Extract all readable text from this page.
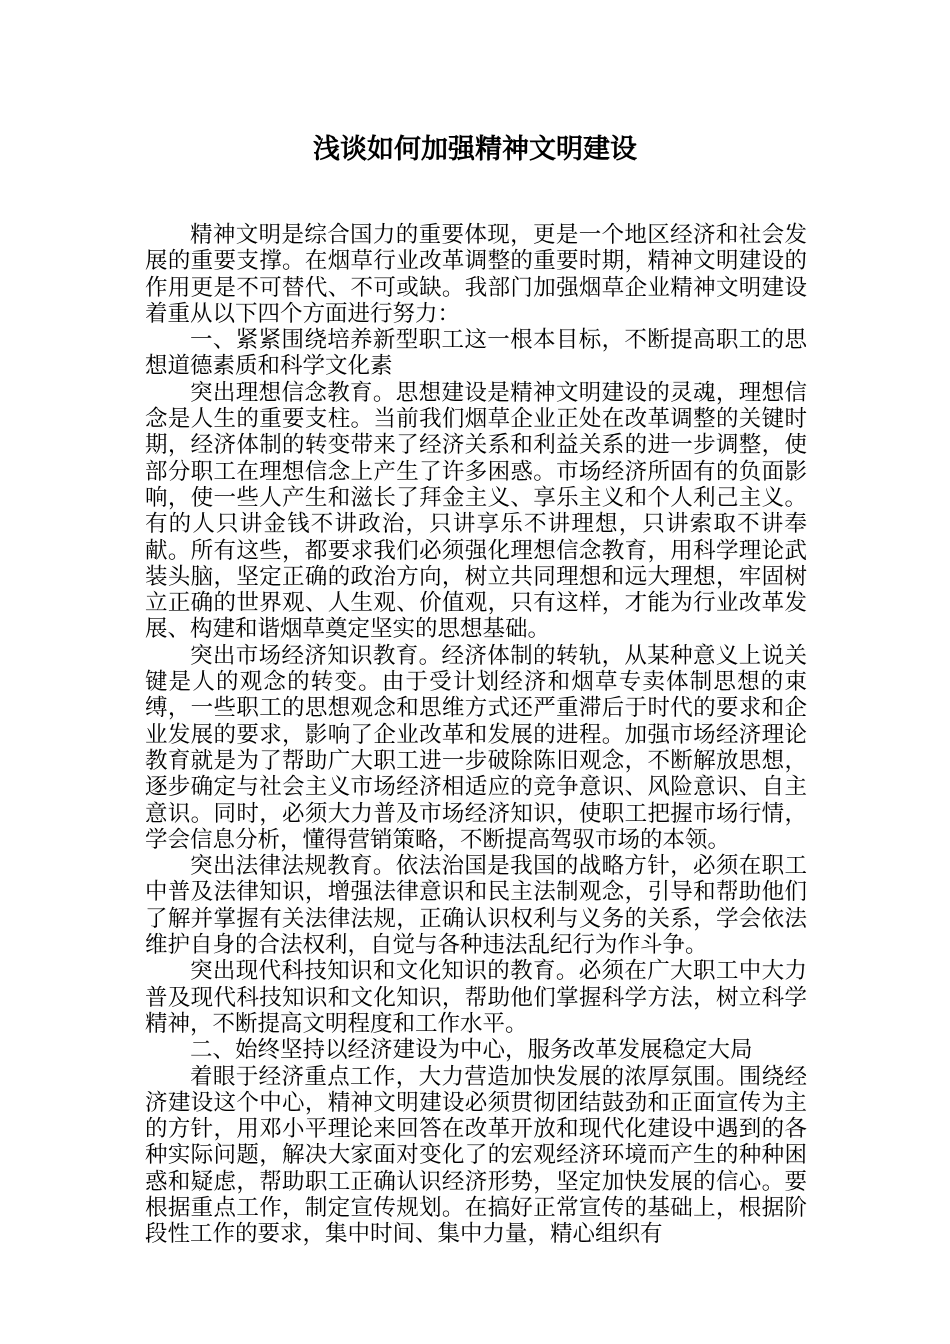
浅谈如何加强精神文明建设

精神文明是综合国力的重要体现，更是一个地区经济和社会发展的重要支撑。在烟草行业改革调整的重要时期，精神文明建设的作用更是不可替代、不可或缺。我部门加强烟草企业精神文明建设着重从以下四个方面进行努力：

一、紧紧围绕培养新型职工这一根本目标，不断提高职工的思想道德素质和科学文化素

突出理想信念教育。思想建设是精神文明建设的灵魂，理想信念是人生的重要支柱。当前我们烟草企业正处在改革调整的关键时期，经济体制的转变带来了经济关系和利益关系的进一步调整，使部分职工在理想信念上产生了许多困惑。市场经济所固有的负面影响，使一些人产生和滋长了拜金主义、享乐主义和个人利己主义。有的人只讲金钱不讲政治，只讲享乐不讲理想，只讲索取不讲奉献。所有这些，都要求我们必须强化理想信念教育，用科学理论武装头脑，坚定正确的政治方向，树立共同理想和远大理想，牢固树立正确的世界观、人生观、价值观，只有这样，才能为行业改革发展、构建和谐烟草奠定坚实的思想基础。

突出市场经济知识教育。经济体制的转轨，从某种意义上说关键是人的观念的转变。由于受计划经济和烟草专卖体制思想的束缚，一些职工的思想观念和思维方式还严重滞后于时代的要求和企业发展的要求，影响了企业改革和发展的进程。加强市场经济理论教育就是为了帮助广大职工进一步破除陈旧观念，不断解放思想，逐步确定与社会主义市场经济相适应的竞争意识、风险意识、自主意识。同时，必须大力普及市场经济知识，使职工把握市场行情，学会信息分析，懂得营销策略，不断提高驾驭市场的本领。

突出法律法规教育。依法治国是我国的战略方针，必须在职工中普及法律知识，增强法律意识和民主法制观念，引导和帮助他们了解并掌握有关法律法规，正确认识权利与义务的关系，学会依法维护自身的合法权利，自觉与各种违法乱纪行为作斗争。

突出现代科技知识和文化知识的教育。必须在广大职工中大力普及现代科技知识和文化知识，帮助他们掌握科学方法，树立科学精神，不断提高文明程度和工作水平。

二、始终坚持以经济建设为中心，服务改革发展稳定大局

着眼于经济重点工作，大力营造加快发展的浓厚氛围。围绕经济建设这个中心，精神文明建设必须贯彻团结鼓劲和正面宣传为主的方针，用邓小平理论来回答在改革开放和现代化建设中遇到的各种实际问题，解决大家面对变化了的宏观经济环境而产生的种种困惑和疑虑，帮助职工正确认识经济形势，坚定加快发展的信心。要根据重点工作，制定宣传规划。在搞好正常宣传的基础上，根据阶段性工作的要求，集中时间、集中力量，精心组织有
